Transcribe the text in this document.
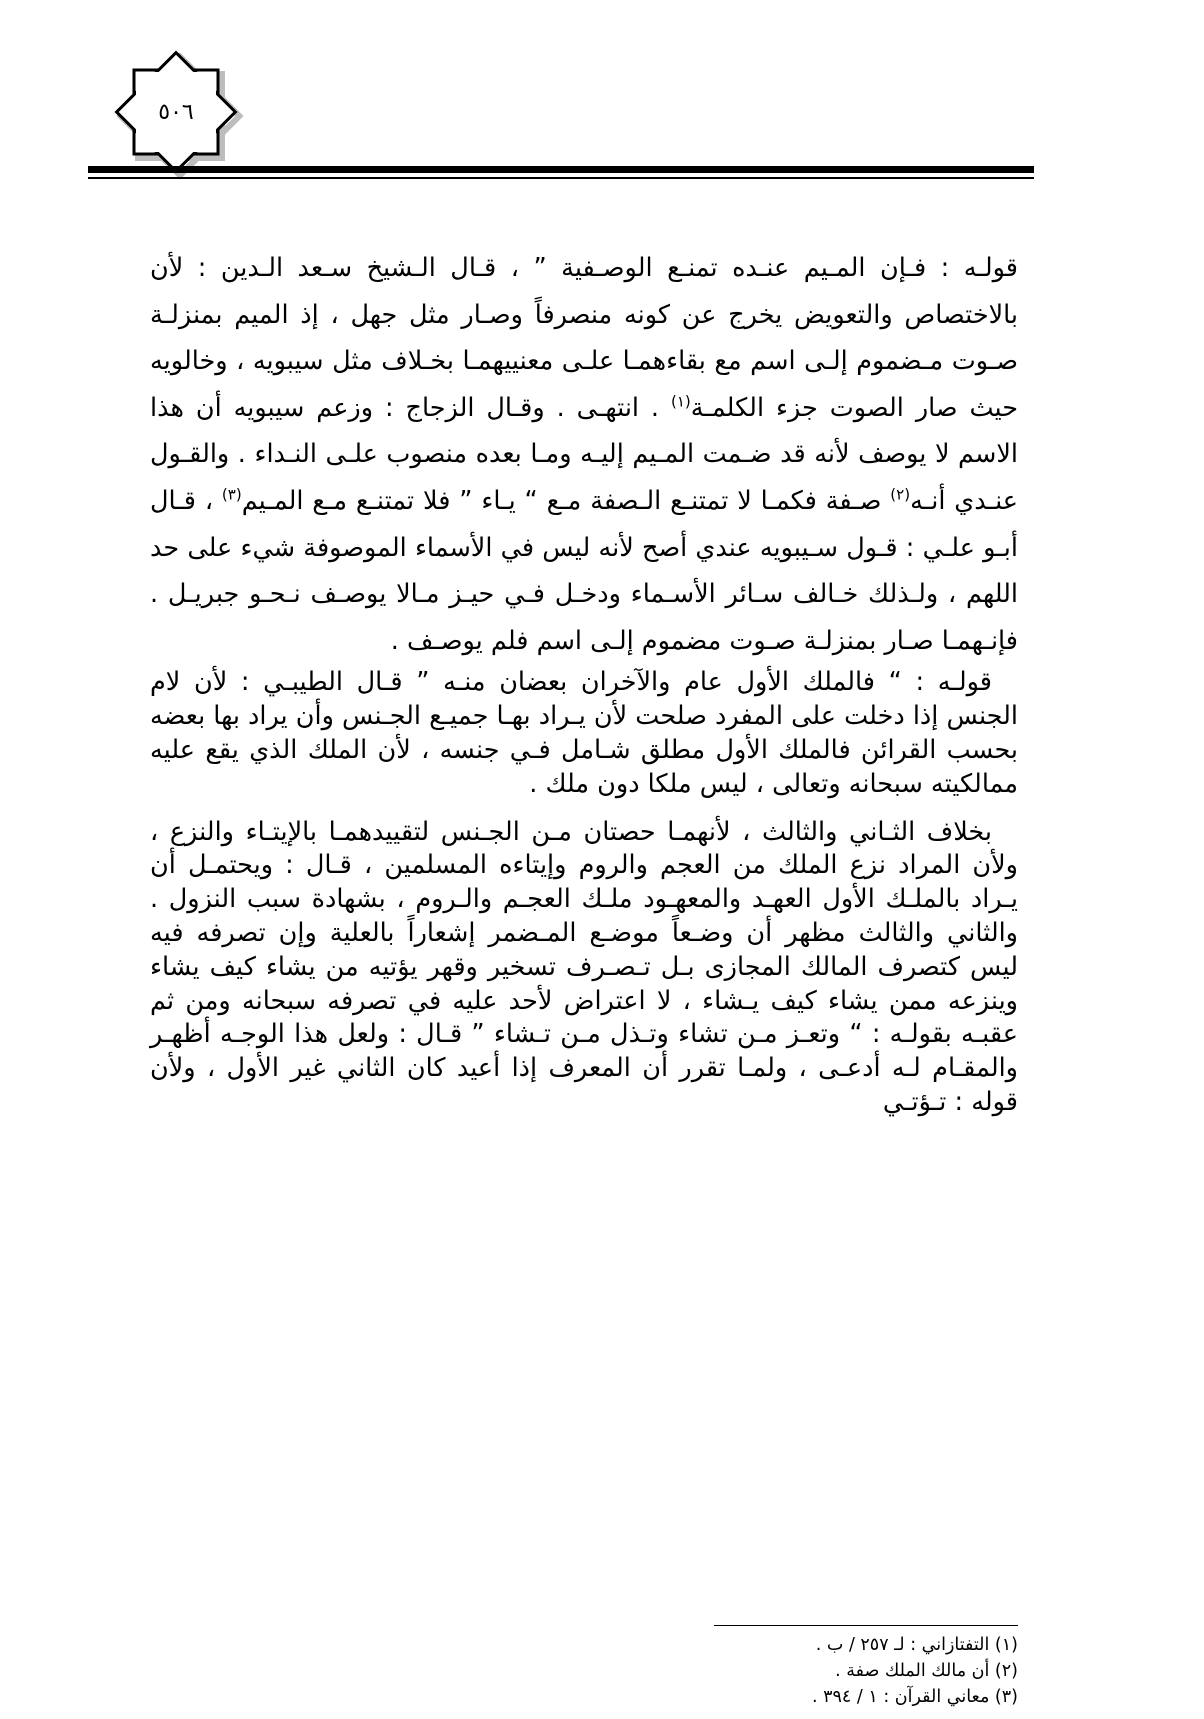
٥٠٦

قولـه : فـإن المـيم عنـده تمنـع الوصـفية ” ، قـال الـشيخ سـعد الـدين : لأن بالاختصاص والتعويض يخرج عن كونه منصرفاً وصـار مثل جهل ، إذ الميم بمنزلـة صـوت مـضموم إلـى اسم مع بقاءهمـا علـى معنييهمـا بخـلاف مثل سيبويه ، وخالويه حيث صار الصوت جزء الكلمـة$^{(١)}$ . انتهـى . وقـال الزجاج : وزعم سيبويه أن هذا الاسم لا يوصف لأنه قد ضـمت المـيم إليـه ومـا بعده منصوب علـى النـداء . والقـول عنـدي أنـه$^{(٢)}$ صـفة فكمـا لا تمتنـع الـصفة مـع “ يـاء ” فلا تمتنـع مـع المـيم$^{(٣)}$ ، قـال أبـو علـي : قـول سـيبويه عندي أصح لأنه ليس في الأسماء الموصوفة شيء على حد اللهم ، ولـذلك خـالف سـائر الأسـماء ودخـل فـي حيـز مـالا يوصـف نـحـو جبريـل . فإنـهمـا صـار بمنزلـة صـوت مضموم إلـى اسم فلم يوصـف .

قولـه : “ فالملك الأول عام والآخران بعضان منـه ” قـال الطيبـي : لأن لام الجنس إذا دخلت على المفرد صلحت لأن يـراد بهـا جميـع الجـنس وأن يراد بها بعضه بحسب القرائن فالملك الأول مطلق شـامل فـي جنسه ، لأن الملك الذي يقع عليه ممالكيته سبحانه وتعالى ، ليس ملكا دون ملك .

بخلاف الثـاني والثالث ، لأنهمـا حصتان مـن الجـنس لتقييدهمـا بالإيتـاء والنزع ، ولأن المراد نزع الملك من العجم والروم وإيتاءه المسلمين ، قـال : ويحتمـل أن يـراد بالملـك الأول العهـد والمعهـود ملـك العجـم والـروم ، بشهادة سبب النزول . والثاني والثالث مظهر أن وضـعاً موضـع المـضمر إشعاراً بالعلية وإن تصرفه فيه ليس كتصرف المالك المجازى بـل تـصـرف تسخير وقهر يؤتيه من يشاء كيف يشاء وينزعه ممن يشاء كيف يـشاء ، لا اعتراض لأحد عليه في تصرفه سبحانه ومن ثم عقبـه بقولـه : “ وتعـز مـن تشاء وتـذل مـن تـشاء ” قـال : ولعل هذا الوجـه أظهـر والمقـام لـه أدعـى ، ولمـا تقرر أن المعرف إذا أعيد كان الثاني غير الأول ، ولأن قوله : تـؤتـي

(١) التفتازاني : لـ ٢٥٧ / ب .

(٢) أن مالك الملك صفة .

(٣) معاني القرآن : ١ / ٣٩٤ .
